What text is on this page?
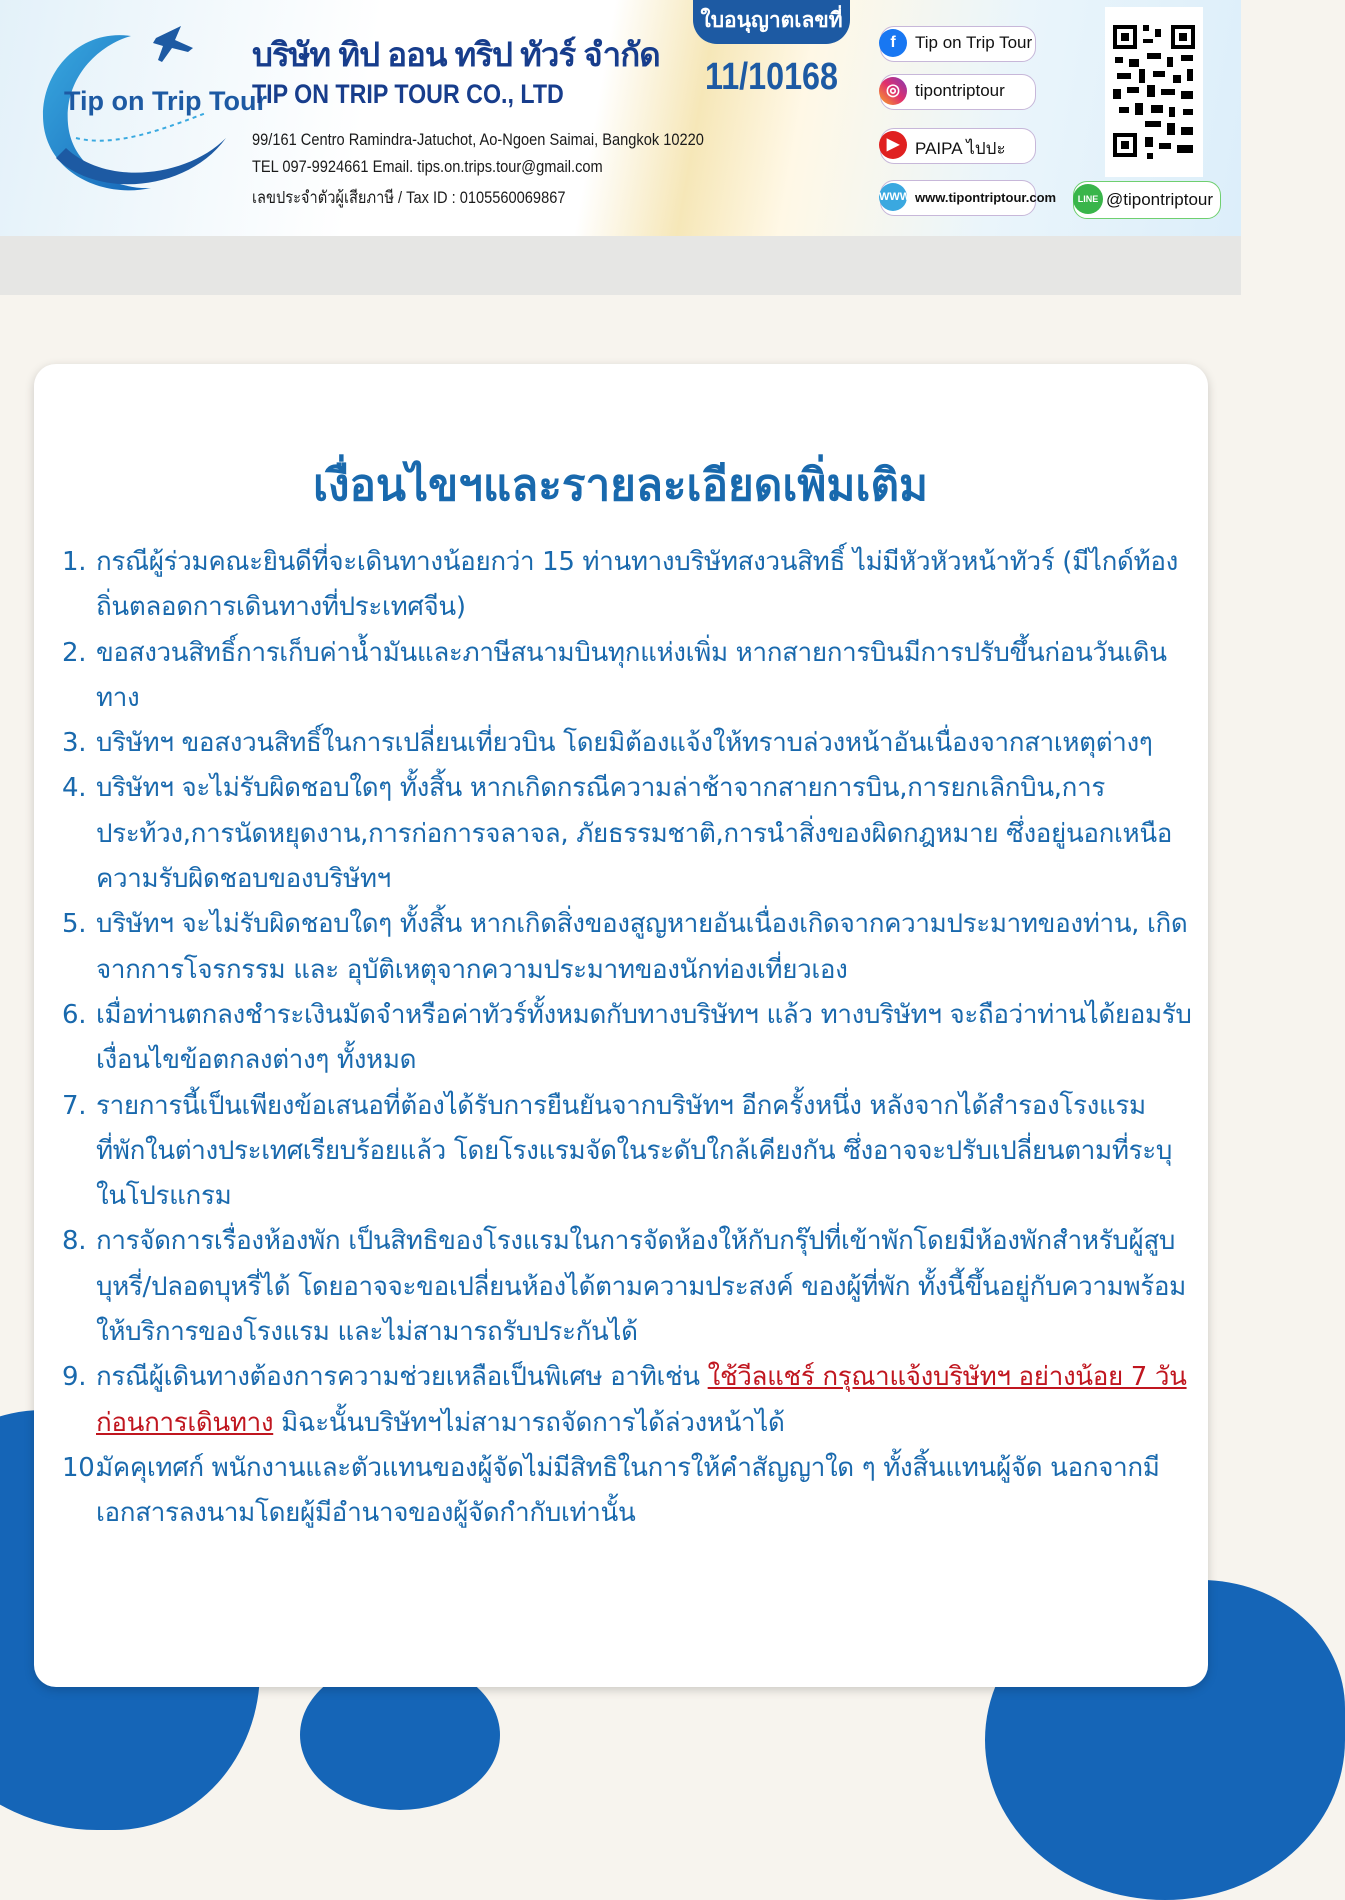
Tip on Trip Tour
บริษัท ทิป ออน ทริป ทัวร์ จำกัด
TIP ON TRIP TOUR CO., LTD
99/161 Centro Ramindra-Jatuchot, Ao-Ngoen Saimai, Bangkok 10220
TEL 097-9924661 Email. tips.on.trips.tour@gmail.com
เลขประจำตัวผู้เสียภาษี / Tax ID : 0105560069867
ใบอนุญาตเลขที่
11/10168
f	Tip on Trip Tour
◎ tipontriptour
▶ PAIPA ไปปะ
WWW www.tipontriptour.com	LINE @tipontriptour
เงื่อนไขฯและรายละเอียดเพิ่มเติม
1. กรณีผู้ร่วมคณะยินดีที่จะเดินทางน้อยกว่า 15 ท่านทางบริษัทสงวนสิทธิ์ ไม่มีหัวหัวหน้าทัวร์ (มีไกด์ท้องถิ่นตลอดการเดินทางที่ประเทศจีน)
2. ขอสงวนสิทธิ์การเก็บค่าน้ำมันและภาษีสนามบินทุกแห่งเพิ่ม หากสายการบินมีการปรับขึ้นก่อนวันเดินทาง
3. บริษัทฯ ขอสงวนสิทธิ์ในการเปลี่ยนเที่ยวบิน โดยมิต้องแจ้งให้ทราบล่วงหน้าอันเนื่องจากสาเหตุต่างๆ
4. บริษัทฯ จะไม่รับผิดชอบใดๆ ทั้งสิ้น หากเกิดกรณีความล่าช้าจากสายการบิน,การยกเลิกบิน,การประท้วง,การนัดหยุดงาน,การก่อการจลาจล, ภัยธรรมชาติ,การนำสิ่งของผิดกฎหมาย ซึ่งอยู่นอกเหนือความรับผิดชอบของบริษัทฯ
5. บริษัทฯ จะไม่รับผิดชอบใดๆ ทั้งสิ้น หากเกิดสิ่งของสูญหายอันเนื่องเกิดจากความประมาทของท่าน, เกิดจากการโจรกรรม และ อุบัติเหตุจากความประมาทของนักท่องเที่ยวเอง
6. เมื่อท่านตกลงชำระเงินมัดจำหรือค่าทัวร์ทั้งหมดกับทางบริษัทฯ แล้ว ทางบริษัทฯ จะถือว่าท่านได้ยอมรับเงื่อนไขข้อตกลงต่างๆ ทั้งหมด
7. รายการนี้เป็นเพียงข้อเสนอที่ต้องได้รับการยืนยันจากบริษัทฯ อีกครั้งหนึ่ง หลังจากได้สำรองโรงแรมที่พักในต่างประเทศเรียบร้อยแล้ว โดยโรงแรมจัดในระดับใกล้เคียงกัน ซึ่งอาจจะปรับเปลี่ยนตามที่ระบุในโปรแกรม
8. การจัดการเรื่องห้องพัก เป็นสิทธิของโรงแรมในการจัดห้องให้กับกรุ๊ปที่เข้าพักโดยมีห้องพักสำหรับผู้สูบบุหรี่/ปลอดบุหรี่ได้ โดยอาจจะขอเปลี่ยนห้องได้ตามความประสงค์ ของผู้ที่พัก ทั้งนี้ขึ้นอยู่กับความพร้อมให้บริการของโรงแรม และไม่สามารถรับประกันได้
9. กรณีผู้เดินทางต้องการความช่วยเหลือเป็นพิเศษ อาทิเช่น ใช้วีลแชร์ กรุณาแจ้งบริษัทฯ อย่างน้อย 7 วันก่อนการเดินทาง มิฉะนั้นบริษัทฯไม่สามารถจัดการได้ล่วงหน้าได้
10.
มัคคุเทศก์ พนักงานและตัวแทนของผู้จัดไม่มีสิทธิในการให้คำสัญญาใด ๆ ทั้งสิ้นแทนผู้จัด นอกจากมีเอกสารลงนามโดยผู้มีอำนาจของผู้จัดกำกับเท่านั้น
